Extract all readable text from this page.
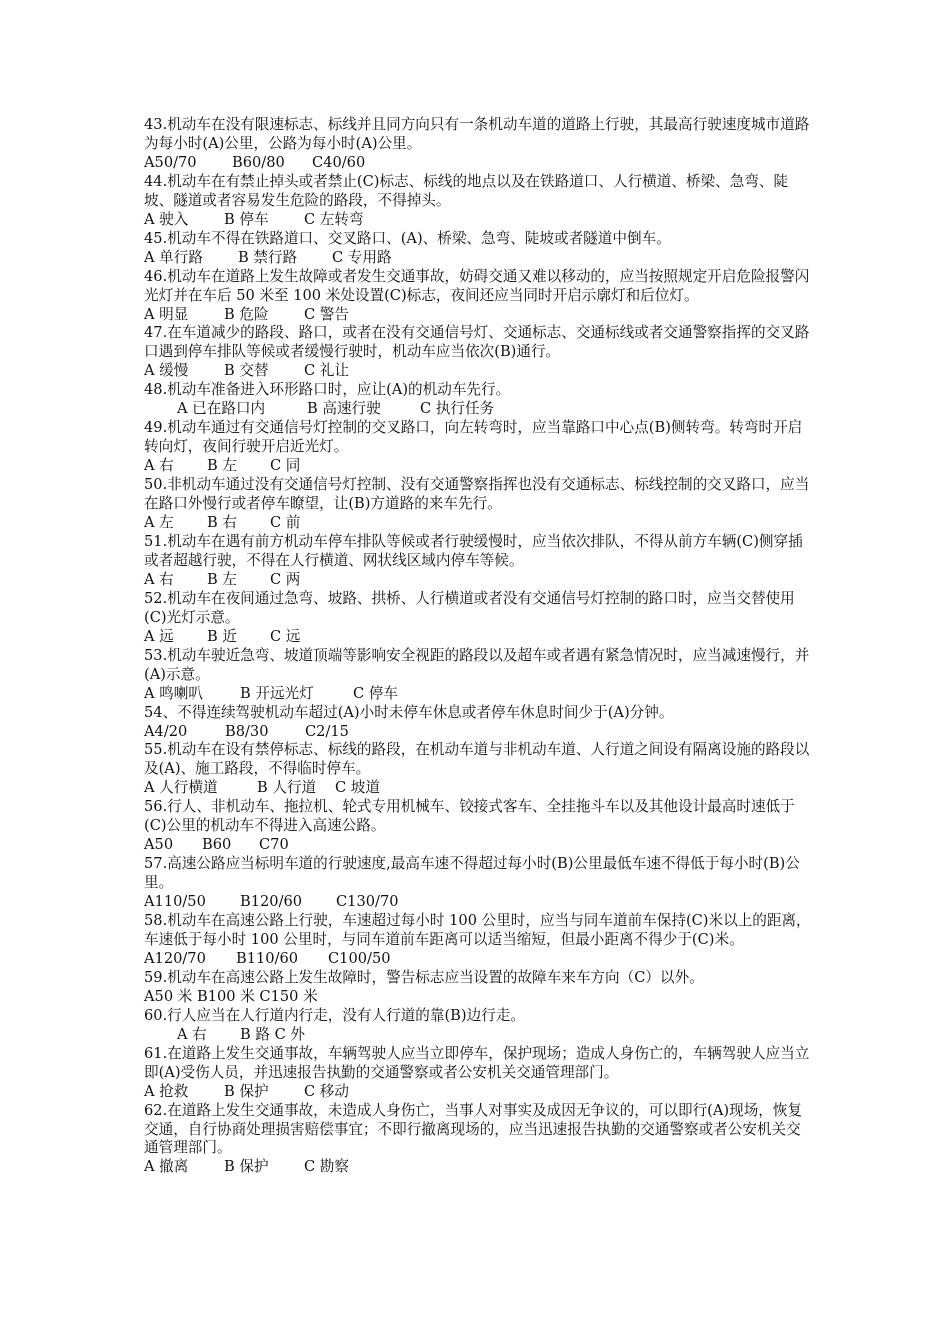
43.机动车在没有限速标志、标线并且同方向只有一条机动车道的道路上行驶，其最高行驶速度城市道路为每小时(A)公里，公路为每小时(A)公里。

A50/70 B60/80 C40/60

44.机动车在有禁止掉头或者禁止(C)标志、标线的地点以及在铁路道口、人行横道、桥梁、急弯、陡坡、隧道或者容易发生危险的路段，不得掉头。

A 驶入 B 停车 C 左转弯

45.机动车不得在铁路道口、交叉路口、(A)、桥梁、急弯、陡坡或者隧道中倒车。

A 单行路 B 禁行路 C 专用路

46.机动车在道路上发生故障或者发生交通事故，妨碍交通又难以移动的，应当按照规定开启危险报警闪光灯并在车后 50 米至 100 米处设置(C)标志，夜间还应当同时开启示廓灯和后位灯。

A 明显 B 危险 C 警告

47.在车道减少的路段、路口，或者在没有交通信号灯、交通标志、交通标线或者交通警察指挥的交叉路口遇到停车排队等候或者缓慢行驶时，机动车应当依次(B)通行。

A 缓慢 B 交替 C 礼让

48.机动车准备进入环形路口时，应让(A)的机动车先行。

A 已在路口内	B 高速行驶	C 执行任务

49.机动车通过有交通信号灯控制的交叉路口，向左转弯时，应当靠路口中心点(B)侧转弯。转弯时开启转向灯，夜间行驶开启近光灯。

A 右 B 左 C 同

50.非机动车通过没有交通信号灯控制、没有交通警察指挥也没有交通标志、标线控制的交叉路口，应当在路口外慢行或者停车瞭望，让(B)方道路的来车先行。

A 左 B 右 C 前

51.机动车在遇有前方机动车停车排队等候或者行驶缓慢时，应当依次排队，不得从前方车辆(C)侧穿插或者超越行驶，不得在人行横道、网状线区域内停车等候。

A 右 B 左 C 两

52.机动车在夜间通过急弯、坡路、拱桥、人行横道或者没有交通信号灯控制的路口时，应当交替使用(C)光灯示意。

A 远 B 近 C 远

53.机动车驶近急弯、坡道顶端等影响安全视距的路段以及超车或者遇有紧急情况时，应当减速慢行，并(A)示意。

A 鸣喇叭	B 开远光灯	C 停车

54、不得连续驾驶机动车超过(A)小时未停车休息或者停车休息时间少于(A)分钟。

A4/20	B8/30	C2/15

55.机动车在设有禁停标志、标线的路段，在机动车道与非机动车道、人行道之间设有隔离设施的路段以及(A)、施工路段，不得临时停车。

A 人行横道	B 人行道 C 坡道

56.行人、非机动车、拖拉机、轮式专用机械车、铰接式客车、全挂拖斗车以及其他设计最高时速低于(C)公里的机动车不得进入高速公路。

A50 B60 C70

57.高速公路应当标明车道的行驶速度,最高车速不得超过每小时(B)公里最低车速不得低于每小时(B)公里。

A110/50 B120/60 C130/70

58.机动车在高速公路上行驶，车速超过每小时 100 公里时，应当与同车道前车保持(C)米以上的距离，车速低于每小时 100 公里时，与同车道前车距离可以适当缩短，但最小距离不得少于(C)米。

A120/70 B110/60 C100/50

59.机动车在高速公路上发生故障时，警告标志应当设置的故障车来车方向（C）以外。

A50 米 B100 米 C150 米

60.行人应当在人行道内行走，没有人行道的靠(B)边行走。

A 右 B 路 C 外

61.在道路上发生交通事故，车辆驾驶人应当立即停车，保护现场；造成人身伤亡的，车辆驾驶人应当立即(A)受伤人员，并迅速报告执勤的交通警察或者公安机关交通管理部门。

A 抢救 B 保护 C 移动

62.在道路上发生交通事故，未造成人身伤亡，当事人对事实及成因无争议的，可以即行(A)现场，恢复交通，自行协商处理损害赔偿事宜；不即行撤离现场的，应当迅速报告执勤的交通警察或者公安机关交通管理部门。

A 撤离 B 保护 C 勘察
